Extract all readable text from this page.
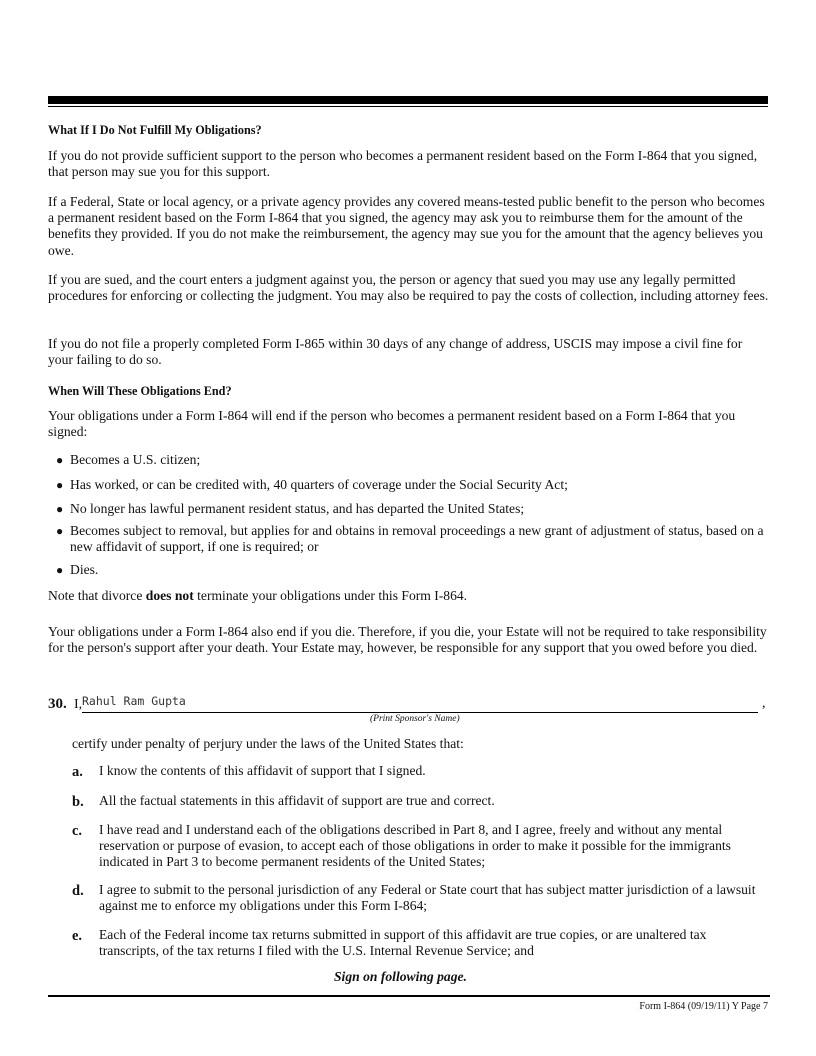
What If I Do Not Fulfill My Obligations?

If you do not provide sufficient support to the person who becomes a permanent resident based on the Form I-864 that you signed, that person may sue you for this support.

If a Federal, State or local agency, or a private agency provides any covered means-tested public benefit to the person who becomes a permanent resident based on the Form I-864 that you signed, the agency may ask you to reimburse them for the amount of the benefits they provided. If you do not make the reimbursement, the agency may sue you for the amount that the agency believes you owe.

If you are sued, and the court enters a judgment against you, the person or agency that sued you may use any legally permitted procedures for enforcing or collecting the judgment. You may also be required to pay the costs of collection, including attorney fees.

If you do not file a properly completed Form I-865 within 30 days of any change of address, USCIS may impose a civil fine for your failing to do so.

When Will These Obligations End?

Your obligations under a Form I-864 will end if the person who becomes a permanent resident based on a Form I-864 that you signed:

● Becomes a U.S. citizen;
● Has worked, or can be credited with, 40 quarters of coverage under the Social Security Act;
● No longer has lawful permanent resident status, and has departed the United States;
● Becomes subject to removal, but applies for and obtains in removal proceedings a new grant of adjustment of status, based on a new affidavit of support, if one is required; or
● Dies.

Note that divorce does not terminate your obligations under this Form I-864.

Your obligations under a Form I-864 also end if you die. Therefore, if you die, your Estate will not be required to take responsibility for the person's support after your death. Your Estate may, however, be responsible for any support that you owed before you died.

30. I, Rahul Ram Gupta	,
(Print Sponsor's Name)
certify under penalty of perjury under the laws of the United States that:
a. I know the contents of this affidavit of support that I signed.
b. All the factual statements in this affidavit of support are true and correct.
c. I have read and I understand each of the obligations described in Part 8, and I agree, freely and without any mental reservation or purpose of evasion, to accept each of those obligations in order to make it possible for the immigrants indicated in Part 3 to become permanent residents of the United States;
d. I agree to submit to the personal jurisdiction of any Federal or State court that has subject matter jurisdiction of a lawsuit against me to enforce my obligations under this Form I-864;
e. Each of the Federal income tax returns submitted in support of this affidavit are true copies, or are unaltered tax transcripts, of the tax returns I filed with the U.S. Internal Revenue Service; and
Sign on following page.
Form I-864 (09/19/11) Y Page 7
